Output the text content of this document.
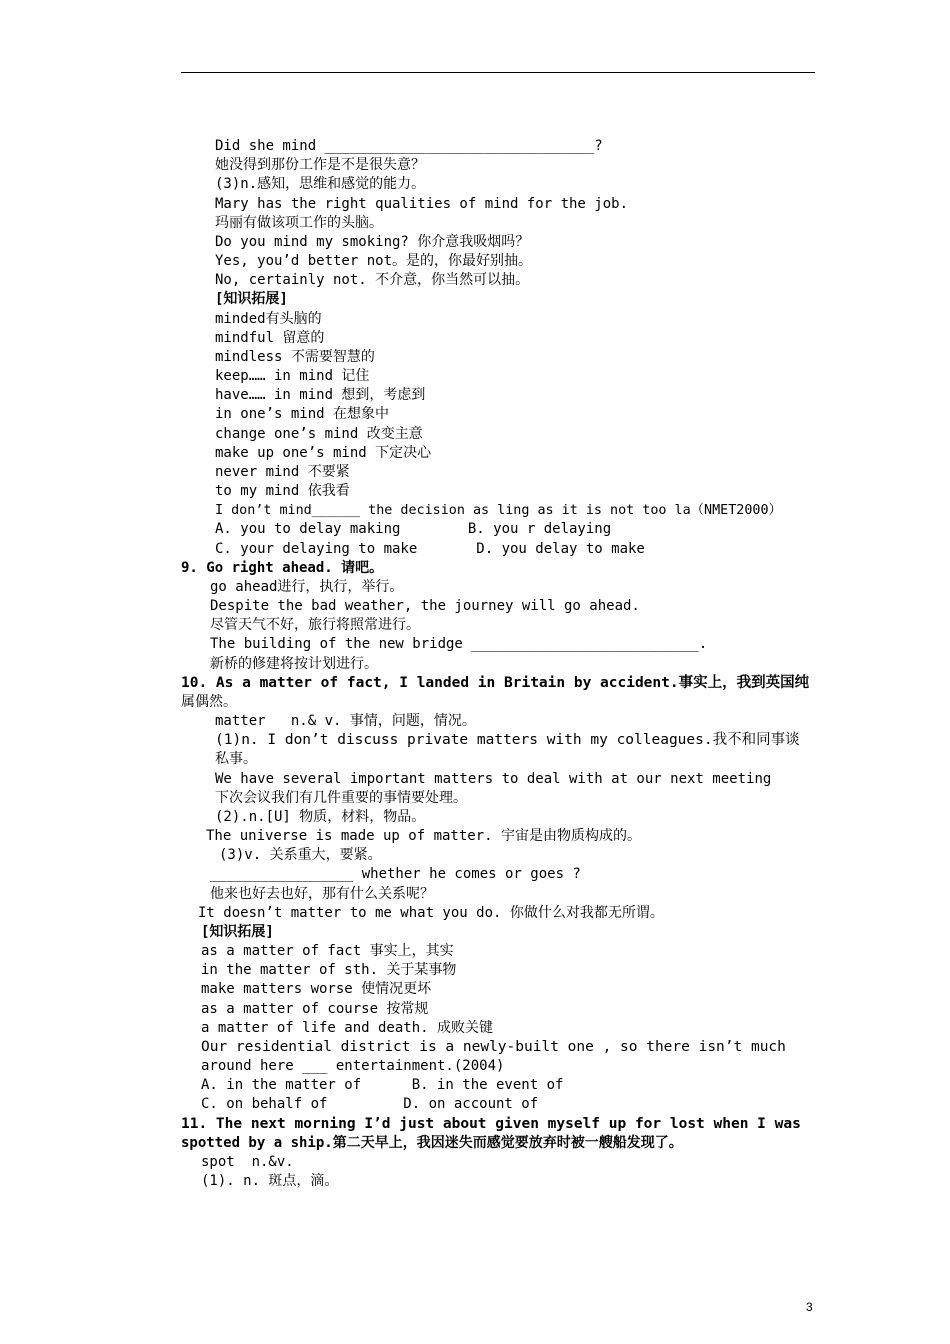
Did she mind ________________________________?
她没得到那份工作是不是很失意？
(3)n.感知，思维和感觉的能力。
Mary has the right qualities of mind for the job.
玛丽有做该项工作的头脑。
Do you mind my smoking? 你介意我吸烟吗？
Yes, you’d better not。是的，你最好别抽。
No, certainly not. 不介意，你当然可以抽。
[知识拓展]
minded有头脑的
mindful 留意的
mindless 不需要智慧的
keep…… in mind 记住
have…… in mind 想到，考虑到
in one’s mind 在想象中
change one’s mind 改变主意
make up one’s mind 下定决心
never mind 不要紧
to my mind 依我看
I don’t mind______ the decision as ling as it is not too la（NMET2000）
A. you to delay making        B. you r delaying
C. your delaying to make       D. you delay to make
9. Go right ahead. 请吧。
go ahead进行，执行，举行。
Despite the bad weather, the journey will go ahead.
尽管天气不好，旅行将照常进行。
The building of the new bridge ___________________________.
新桥的修建将按计划进行。
10. As a matter of fact, I landed in Britain by accident.事实上，我到英国纯
属偶然。
matter   n.& v. 事情，问题，情况。
(1)n. I don’t discuss private matters with my colleagues.我不和同事谈
私事。
We have several important matters to deal with at our next meeting
下次会议我们有几件重要的事情要处理。
(2).n.[U] 物质，材料，物品。
The universe is made up of matter. 宇宙是由物质构成的。
(3)v. 关系重大，要紧。
_________________ whether he comes or goes ?
他来也好去也好，那有什么关系呢？
It doesn’t matter to me what you do. 你做什么对我都无所谓。
[知识拓展]
as a matter of fact 事实上，其实
in the matter of sth. 关于某事物
make matters worse 使情况更坏
as a matter of course 按常规
a matter of life and death. 成败关键
Our residential district is a newly-built one , so there isn’t much
around here ___ entertainment.(2004)
A. in the matter of      B. in the event of
C. on behalf of         D. on account of
11. The next morning I’d just about given myself up for lost when I was
spotted by a ship.第二天早上，我因迷失而感觉要放弃时被一艘船发现了。
spot  n.&v.
(1). n. 斑点，滴。
3
